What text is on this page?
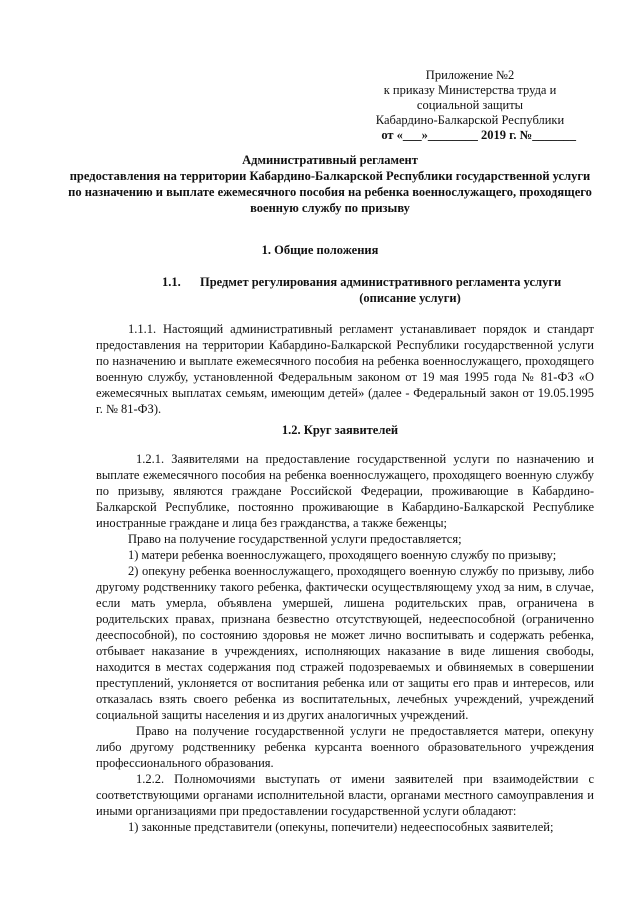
Приложение №2
к приказу Министерства труда и
социальной защиты
Кабардино-Балкарской Республики
от «___»________ 2019 г. №_______
Административный регламент
предоставления на территории Кабардино-Балкарской Республики государственной услуги
по назначению и выплате ежемесячного пособия на ребенка военнослужащего, проходящего
военную службу по призыву
1. Общие положения
1.1. Предмет регулирования административного регламента услуги
(описание услуги)

1.1.1. Настоящий административный регламент устанавливает порядок и стандарт предоставления на территории Кабардино-Балкарской Республики государственной услуги по назначению и выплате ежемесячного пособия на ребенка военнослужащего, проходящего военную службу, установленной Федеральным законом от 19 мая 1995 года № 81-ФЗ «О ежемесячных выплатах семьям, имеющим детей» (далее - Федеральный закон от 19.05.1995 г. № 81-ФЗ).

1.2. Круг заявителей

1.2.1. Заявителями на предоставление государственной услуги по назначению и выплате ежемесячного пособия на ребенка военнослужащего, проходящего военную службу по призыву, являются граждане Российской Федерации, проживающие в Кабардино-Балкарской Республике, постоянно проживающие в Кабардино-Балкарской Республике иностранные граждане и лица без гражданства, а также беженцы;

Право на получение государственной услуги предоставляется;

1) матери ребенка военнослужащего, проходящего военную службу по призыву;

2) опекуну ребенка военнослужащего, проходящего военную службу по призыву, либо другому родственнику такого ребенка, фактически осуществляющему уход за ним, в случае, если мать умерла, объявлена умершей, лишена родительских прав, ограничена в родительских правах, признана безвестно отсутствующей, недееспособной (ограниченно дееспособной), по состоянию здоровья не может лично воспитывать и содержать ребенка, отбывает наказание в учреждениях, исполняющих наказание в виде лишения свободы, находится в местах содержания под стражей подозреваемых и обвиняемых в совершении преступлений, уклоняется от воспитания ребенка или от защиты его прав и интересов, или отказалась взять своего ребенка из воспитательных, лечебных учреждений, учреждений социальной защиты населения и из других аналогичных учреждений.

Право на получение государственной услуги не предоставляется матери, опекуну либо другому родственнику ребенка курсанта военного образовательного учреждения профессионального образования.

1.2.2. Полномочиями выступать от имени заявителей при взаимодействии с соответствующими органами исполнительной власти, органами местного самоуправления и иными организациями при предоставлении государственной услуги обладают:

1) законные представители (опекуны, попечители) недееспособных заявителей;
